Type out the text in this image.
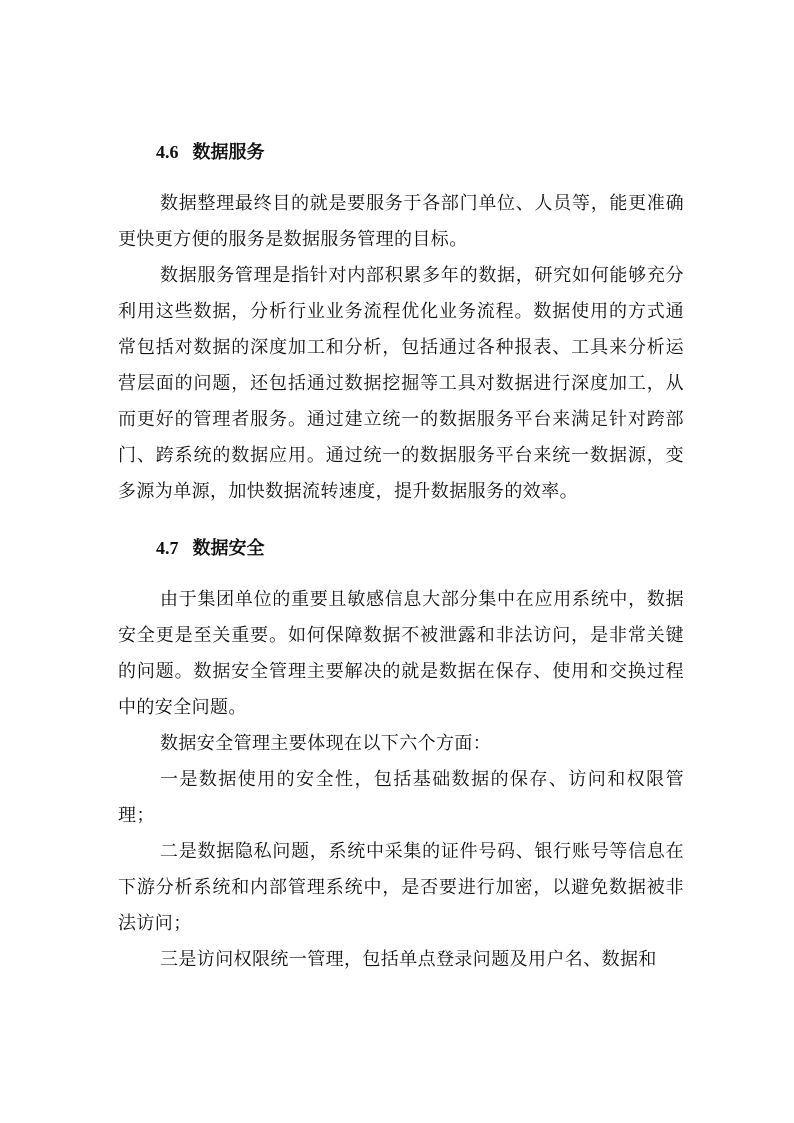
4.6 数据服务

数据整理最终目的就是要服务于各部门单位、人员等，能更准确更快更方便的服务是数据服务管理的目标。

数据服务管理是指针对内部积累多年的数据，研究如何能够充分利用这些数据，分析行业业务流程优化业务流程。数据使用的方式通常包括对数据的深度加工和分析，包括通过各种报表、工具来分析运营层面的问题，还包括通过数据挖掘等工具对数据进行深度加工，从而更好的管理者服务。通过建立统一的数据服务平台来满足针对跨部门、跨系统的数据应用。通过统一的数据服务平台来统一数据源，变多源为单源，加快数据流转速度，提升数据服务的效率。

4.7 数据安全

由于集团单位的重要且敏感信息大部分集中在应用系统中，数据安全更是至关重要。如何保障数据不被泄露和非法访问，是非常关键的问题。数据安全管理主要解决的就是数据在保存、使用和交换过程中的安全问题。

数据安全管理主要体现在以下六个方面：

一是数据使用的安全性，包括基础数据的保存、访问和权限管理；

二是数据隐私问题，系统中采集的证件号码、银行账号等信息在下游分析系统和内部管理系统中，是否要进行加密，以避免数据被非法访问；

三是访问权限统一管理，包括单点登录问题及用户名、数据和
